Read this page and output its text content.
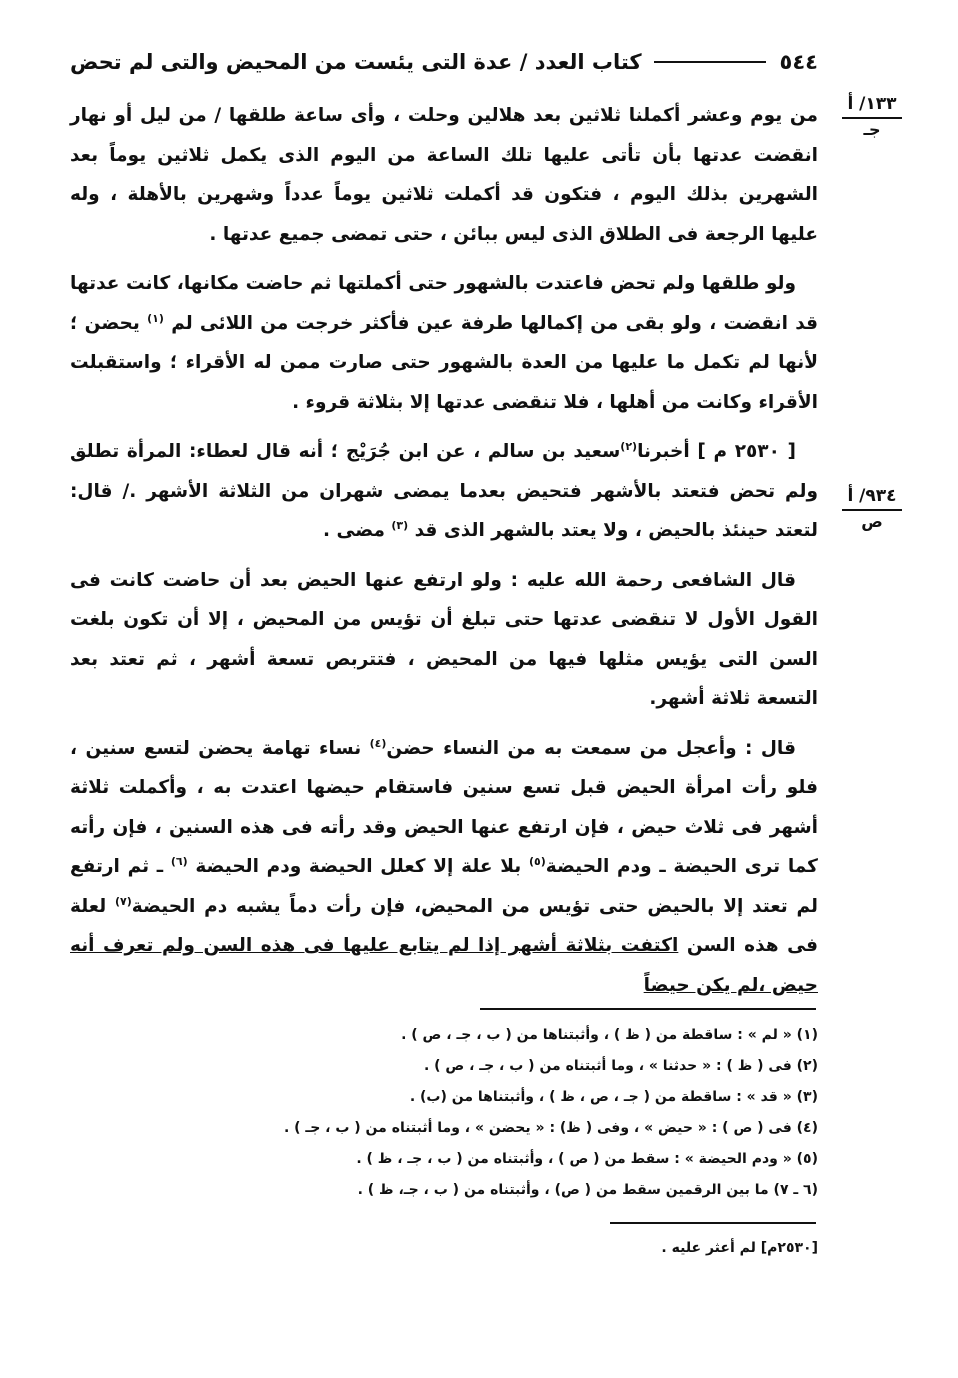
٥٤٤
كتاب العدد / عدة التى يئست من المحيض والتى لم تحض
١٣٣/ أ
جـ
٩٣٤/ أ
ص

من يوم وعشر أكملنا ثلاثين بعد هلالين وحلت ، وأى ساعة طلقها / من ليل أو نهار انقضت عدتها بأن تأتى عليها تلك الساعة من اليوم الذى يكمل ثلاثين يوماً بعد الشهرين بذلك اليوم ، فتكون قد أكملت ثلاثين يوماً عدداً وشهرين بالأهلة ، وله عليها الرجعة فى الطلاق الذى ليس ببائن ، حتى تمضى جميع عدتها .

ولو طلقها ولم تحض فاعتدت بالشهور حتى أكملتها ثم حاضت مكانها، كانت عدتها قد انقضت ، ولو بقى من إكمالها طرفة عين فأكثر خرجت من اللائى لم $^{(١)}$ يحضن ؛ لأنها لم تكمل ما عليها من العدة بالشهور حتى صارت ممن له الأقراء ؛ واستقبلت الأقراء وكانت من أهلها ، فلا تنقضى عدتها إلا بثلاثة قروء .

[ ٢٥٣٠ م ] أخبرنا$^{(٢)}$سعيد بن سالم ، عن ابن جُرَيْج ؛ أنه قال لعطاء: المرأة تطلق ولم تحض فتعتد بالأشهر فتحيض بعدما يمضى شهران من الثلاثة الأشهر ./ قال: لتعتد حينئذ بالحيض ، ولا يعتد بالشهر الذى قد $^{(٣)}$ مضى .

قال الشافعى رحمة الله عليه : ولو ارتفع عنها الحيض بعد أن حاضت كانت فى القول الأول لا تنقضى عدتها حتى تبلغ أن تؤيس من المحيض ، إلا أن تكون بلغت السن التى يؤيس مثلها فيها من المحيض ، فتتربص تسعة أشهر ، ثم تعتد بعد التسعة ثلاثة أشهر.

قال : وأعجل من سمعت به من النساء حضن$^{(٤)}$ نساء تهامة يحضن لتسع سنين ، فلو رأت امرأة الحيض قبل تسع سنين فاستقام حيضها اعتدت به ، وأكملت ثلاثة أشهر فى ثلاث حيض ، فإن ارتفع عنها الحيض وقد رأته فى هذه السنين ، فإن رأته كما ترى الحيضة ـ ودم الحيضة$^{(٥)}$ بلا علة إلا كعلل الحيضة ودم الحيضة $^{(٦)}$ ـ ثم ارتفع لم تعتد إلا بالحيض حتى تؤيس من المحيض، فإن رأت دماً يشبه دم الحيضة$^{(٧)}$ لعلة فى هذه السن اكتفت بثلاثة أشهر إذا لم يتابع عليها فى هذه السن ولم تعرف أنه حيض ،لم يكن حيضاً

(١) « لم » : ساقطة من ( ظ ) ، وأثبتناها من ( ب ، جـ ، ص ) .
(٢) فى ( ظ ) : « حدثنا » ، وما أثبتناه من ( ب ، جـ ، ص ) .
(٣) « قد » : ساقطة من ( جـ ، ص ، ظ ) ، وأثبتناها من (ب) .
(٤) فى ( ص ) : « حيض » ، وفى ( ظ) : « يحضن » ، وما أثبتناه من ( ب ، جـ ) .
(٥) « ودم الحيضة » : سقط من ( ص ) ، وأثبتناه من ( ب ، جـ ، ظ ) .
(٦ ـ ٧) ما بين الرقمين سقط من ( ص) ، وأثبتناه من ( ب ، جـ، ظ ) .
[٢٥٣٠م] لم أعثر عليه .
